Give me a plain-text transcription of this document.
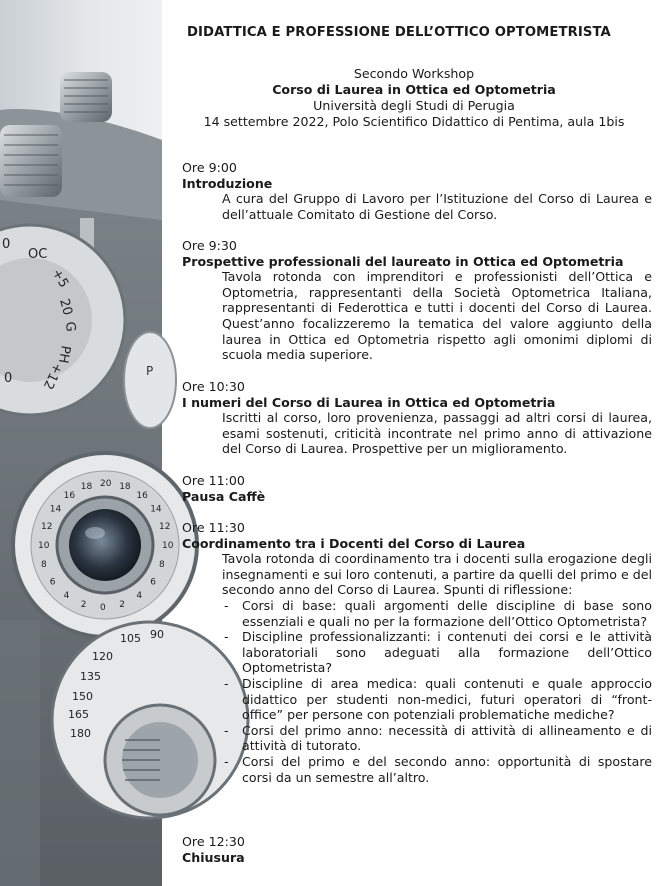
0
OC
+5
20
G
PH
+12
0	P
20 18
16
14
12
10
8
6
4
2
0
2
4
6
8
10
12
14
16
18
105 90
120
135
150
165
180
DIDATTICA E PROFESSIONE DELL’OTTICO OPTOMETRISTA
Secondo Workshop
Corso di Laurea in Ottica ed Optometria
Università degli Studi di Perugia
14 settembre 2022, Polo Scientifico Didattico di Pentima, aula 1bis
Ore 9:00
Introduzione
A cura del Gruppo di Lavoro per l’Istituzione del Corso di Laurea e dell’attuale Comitato di Gestione del Corso.
Ore 9:30
Prospettive professionali del laureato in Ottica ed Optometria
Tavola rotonda con imprenditori e professionisti dell’Ottica e Optometria, rappresentanti della Società Optometrica Italiana, rappresentanti di Federottica e tutti i docenti del Corso di Laurea. Quest’anno focalizzeremo la tematica del valore aggiunto della laurea in Ottica ed Optometria rispetto agli omonimi diplomi di scuola media superiore.
Ore 10:30
I numeri del Corso di Laurea in Ottica ed Optometria
Iscritti al corso, loro provenienza, passaggi ad altri corsi di laurea, esami sostenuti, criticità incontrate nel primo anno di attivazione del Corso di Laurea. Prospettive per un miglioramento.
Ore 11:00
Pausa Caffè
Ore 11:30
Coordinamento tra i Docenti del Corso di Laurea
Tavola rotonda di coordinamento tra i docenti sulla erogazione degli insegnamenti e sui loro contenuti, a partire da quelli del primo e del secondo anno del Corso di Laurea. Spunti di riflessione:
- Corsi di base: quali argomenti delle discipline di base sono essenziali e quali no per la formazione dell’Ottico Optometrista?
- Discipline professionalizzanti: i contenuti dei corsi e le attività laboratoriali sono adeguati alla formazione dell’Ottico Optometrista?
- Discipline di area medica: quali contenuti e quale approccio didattico per studenti non-medici, futuri operatori di “front-office” per persone con potenziali problematiche mediche?
- Corsi del primo anno: necessità di attività di allineamento e di attività di tutorato.
- Corsi del primo e del secondo anno: opportunità di spostare corsi da un semestre all’altro.
Ore 12:30
Chiusura
